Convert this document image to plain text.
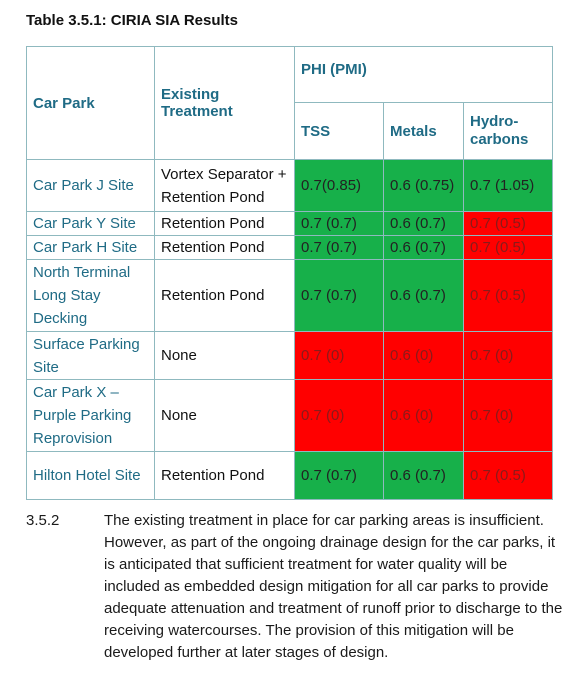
Table 3.5.1: CIRIA SIA Results
Car Park	Existing Treatment	PHI (PMI)		
		TSS	Metals	Hydro-
carbons
Car Park J Site	Vortex Separator + Retention Pond	0.7(0.85)	0.6 (0.75)	0.7 (1.05)
Car Park Y Site	Retention Pond	0.7 (0.7)	0.6 (0.7)	0.7 (0.5)
Car Park H Site	Retention Pond	0.7 (0.7)	0.6 (0.7)	0.7 (0.5)
North Terminal Long Stay Decking	Retention Pond	0.7 (0.7)	0.6 (0.7)	0.7 (0.5)
Surface Parking Site	None	0.7 (0)	0.6 (0)	0.7 (0)
Car Park X – Purple Parking Reprovision	None	0.7 (0)	0.6 (0)	0.7 (0)
Hilton Hotel Site	Retention Pond	0.7 (0.7)	0.6 (0.7)	0.7 (0.5)
3.5.2	The existing treatment in place for car parking areas is insufficient. However, as part of the ongoing drainage design for the car parks, it is anticipated that sufficient treatment for water quality will be included as embedded design mitigation for all car parks to provide adequate attenuation and treatment of runoff prior to discharge to the receiving watercourses. The provision of this mitigation will be developed further at later stages of design.
